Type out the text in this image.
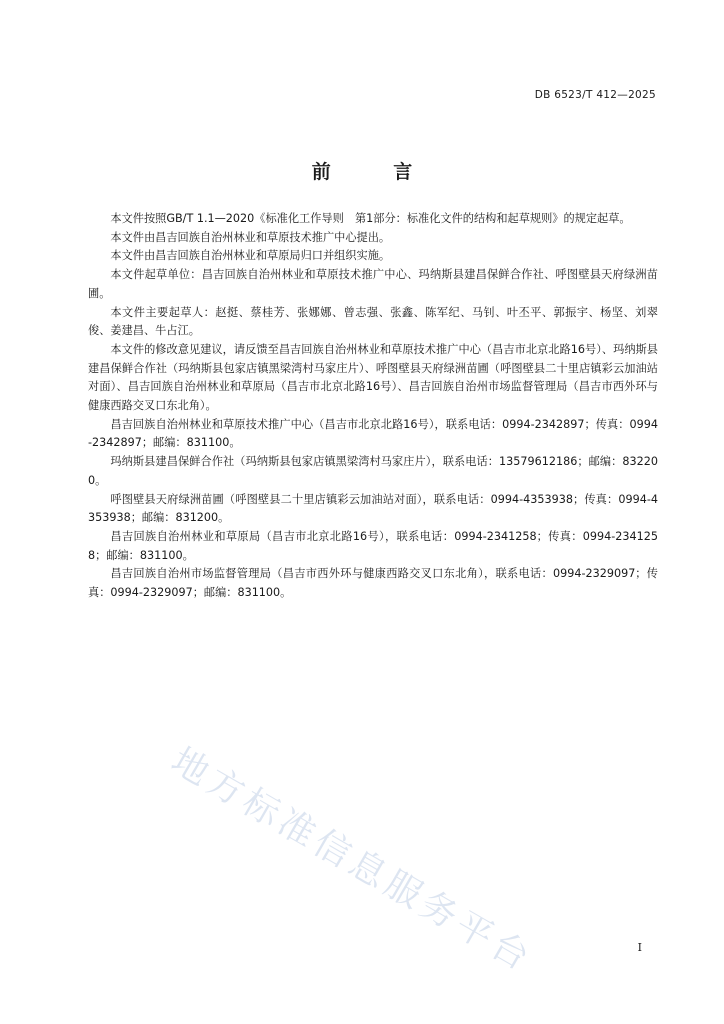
DB 6523/T 412—2025
前 言

本文件按照GB/T 1.1—2020《标准化工作导则　第1部分：标准化文件的结构和起草规则》的规定起草。

本文件由昌吉回族自治州林业和草原技术推广中心提出。

本文件由昌吉回族自治州林业和草原局归口并组织实施。

本文件起草单位：昌吉回族自治州林业和草原技术推广中心、玛纳斯县建昌保鲜合作社、呼图壁县天府绿洲苗圃。

本文件主要起草人：赵挺、蔡桂芳、张娜娜、曾志强、张鑫、陈军纪、马钊、叶丕平、郭振宇、杨坚、刘翠俊、姜建昌、牛占江。

本文件的修改意见建议，请反馈至昌吉回族自治州林业和草原技术推广中心（昌吉市北京北路16号）、玛纳斯县建昌保鲜合作社（玛纳斯县包家店镇黑梁湾村马家庄片）、呼图壁县天府绿洲苗圃（呼图壁县二十里店镇彩云加油站对面）、昌吉回族自治州林业和草原局（昌吉市北京北路16号）、昌吉回族自治州市场监督管理局（昌吉市西外环与健康西路交叉口东北角）。

昌吉回族自治州林业和草原技术推广中心（昌吉市北京北路16号），联系电话：0994-2342897；传真：0994-2342897；邮编：831100。

玛纳斯县建昌保鲜合作社（玛纳斯县包家店镇黑梁湾村马家庄片），联系电话：13579612186；邮编：832200。

呼图壁县天府绿洲苗圃（呼图壁县二十里店镇彩云加油站对面），联系电话：0994-4353938；传真：0994-4353938；邮编：831200。

昌吉回族自治州林业和草原局（昌吉市北京北路16号），联系电话：0994-2341258；传真：0994-2341258；邮编：831100。

昌吉回族自治州市场监督管理局（昌吉市西外环与健康西路交叉口东北角），联系电话：0994-2329097；传真：0994-2329097；邮编：831100。

地方标准信息服务平台	I
